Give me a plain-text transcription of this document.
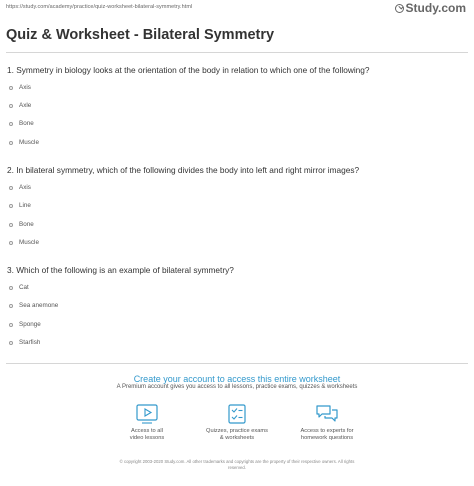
https://study.com/academy/practice/quiz-worksheet-bilateral-symmetry.html	Study.com
Quiz & Worksheet - Bilateral Symmetry

1. Symmetry in biology looks at the orientation of the body in relation to which one of the following?

Axis
Axle
Bone
Muscle

2. In bilateral symmetry, which of the following divides the body into left and right mirror images?

Axis
Line
Bone
Muscle

3. Which of the following is an example of bilateral symmetry?

Cat
Sea anemone
Sponge
Starfish
Create your account to access this entire worksheet
A Premium account gives you access to all lessons, practice exams, quizzes & worksheets
Access to all
video lessons
Quizzes, practice exams
& worksheets
Access to experts for
homework questions
© copyright 2003-2020 Study.com. All other trademarks and copyrights are the property of their respective owners. All rights
reserved.
